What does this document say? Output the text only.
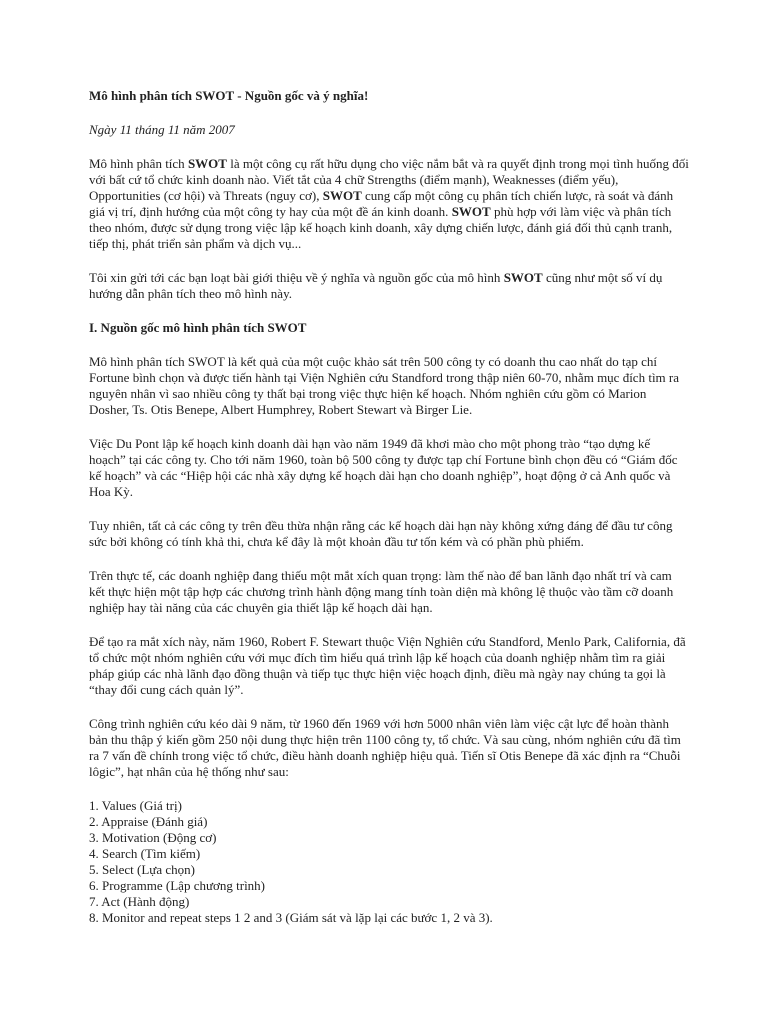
Mô hình phân tích SWOT - Nguồn gốc và ý nghĩa!
Ngày 11 tháng 11 năm 2007

Mô hình phân tích SWOT là một công cụ rất hữu dụng cho việc nắm bắt và ra quyết định trong mọi tình huống đối với bất cứ tổ chức kinh doanh nào. Viết tắt của 4 chữ Strengths (điểm mạnh), Weaknesses (điểm yếu), Opportunities (cơ hội) và Threats (nguy cơ), SWOT cung cấp một công cụ phân tích chiến lược, rà soát và đánh giá vị trí, định hướng của một công ty hay của một đề án kinh doanh. SWOT phù hợp với làm việc và phân tích theo nhóm, được sử dụng trong việc lập kế hoạch kinh doanh, xây dựng chiến lược, đánh giá đối thủ cạnh tranh, tiếp thị, phát triển sản phẩm và dịch vụ...

Tôi xin gửi tới các bạn loạt bài giới thiệu về ý nghĩa và nguồn gốc của mô hình SWOT cũng như một số ví dụ hướng dẫn phân tích theo mô hình này.

I. Nguồn gốc mô hình phân tích SWOT

Mô hình phân tích SWOT là kết quả của một cuộc khảo sát trên 500 công ty có doanh thu cao nhất do tạp chí Fortune bình chọn và được tiến hành tại Viện Nghiên cứu Standford trong thập niên 60-70, nhằm mục đích tìm ra nguyên nhân vì sao nhiều công ty thất bại trong việc thực hiện kế hoạch. Nhóm nghiên cứu gồm có Marion Dosher, Ts. Otis Benepe, Albert Humphrey, Robert Stewart và Birger Lie.

Việc Du Pont lập kế hoạch kinh doanh dài hạn vào năm 1949 đã khơi mào cho một phong trào “tạo dựng kế hoạch” tại các công ty. Cho tới năm 1960, toàn bộ 500 công ty được tạp chí Fortune bình chọn đều có “Giám đốc kế hoạch” và các “Hiệp hội các nhà xây dựng kế hoạch dài hạn cho doanh nghiệp”, hoạt động ở cả Anh quốc và Hoa Kỳ.

Tuy nhiên, tất cả các công ty trên đều thừa nhận rằng các kế hoạch dài hạn này không xứng đáng để đầu tư công sức bởi không có tính khả thi, chưa kể đây là một khoản đầu tư tốn kém và có phần phù phiếm.

Trên thực tế, các doanh nghiệp đang thiếu một mắt xích quan trọng: làm thế nào để ban lãnh đạo nhất trí và cam kết thực hiện một tập hợp các chương trình hành động mang tính toàn diện mà không lệ thuộc vào tầm cỡ doanh nghiệp hay tài năng của các chuyên gia thiết lập kế hoạch dài hạn.

Để tạo ra mắt xích này, năm 1960, Robert F. Stewart thuộc Viện Nghiên cứu Standford, Menlo Park, California, đã tổ chức một nhóm nghiên cứu với mục đích tìm hiểu quá trình lập kế hoạch của doanh nghiệp nhằm tìm ra giải pháp giúp các nhà lãnh đạo đồng thuận và tiếp tục thực hiện việc hoạch định, điều mà ngày nay chúng ta gọi là “thay đổi cung cách quản lý”.

Công trình nghiên cứu kéo dài 9 năm, từ 1960 đến 1969 với hơn 5000 nhân viên làm việc cật lực để hoàn thành bản thu thập ý kiến gồm 250 nội dung thực hiện trên 1100 công ty, tổ chức. Và sau cùng, nhóm nghiên cứu đã tìm ra 7 vấn đề chính trong việc tổ chức, điều hành doanh nghiệp hiệu quả. Tiến sĩ Otis Benepe đã xác định ra “Chuỗi lôgic”, hạt nhân của hệ thống như sau:

1. Values (Giá trị)
2. Appraise (Đánh giá)
3. Motivation (Động cơ)
4. Search (Tìm kiếm)
5. Select (Lựa chọn)
6. Programme (Lập chương trình)
7. Act (Hành động)
8. Monitor and repeat steps 1 2 and 3 (Giám sát và lặp lại các bước 1, 2 và 3).
